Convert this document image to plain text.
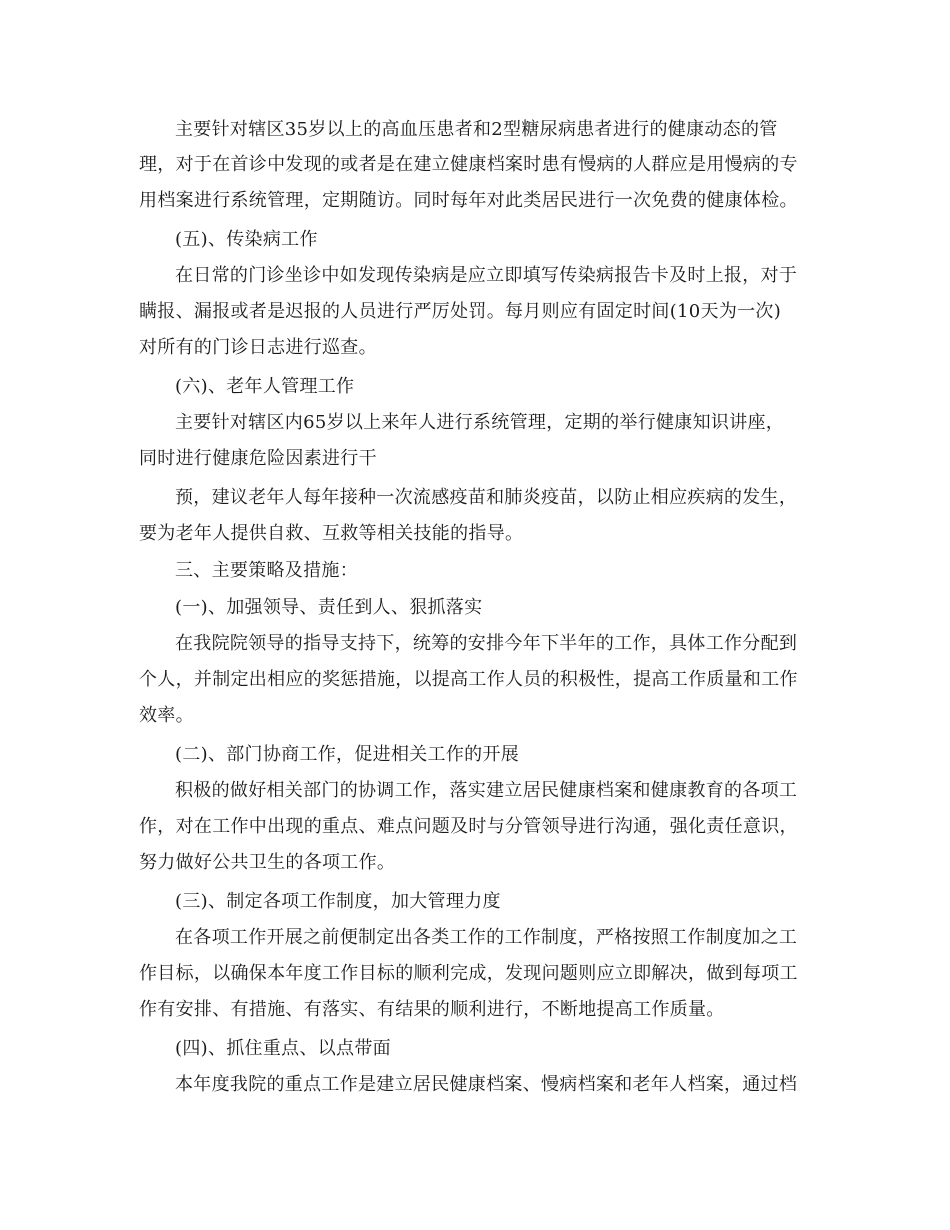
主要针对辖区35岁以上的高血压患者和2型糖尿病患者进行的健康动态的管
理，对于在首诊中发现的或者是在建立健康档案时患有慢病的人群应是用慢病的专
用档案进行系统管理，定期随访。同时每年对此类居民进行一次免费的健康体检。
(五)、传染病工作
在日常的门诊坐诊中如发现传染病是应立即填写传染病报告卡及时上报，对于
瞒报、漏报或者是迟报的人员进行严厉处罚。每月则应有固定时间(10天为一次)
对所有的门诊日志进行巡查。
(六)、老年人管理工作
主要针对辖区内65岁以上来年人进行系统管理，定期的举行健康知识讲座，
同时进行健康危险因素进行干
预，建议老年人每年接种一次流感疫苗和肺炎疫苗，以防止相应疾病的发生，
要为老年人提供自救、互救等相关技能的指导。
三、主要策略及措施：
(一)、加强领导、责任到人、狠抓落实
在我院院领导的指导支持下，统筹的安排今年下半年的工作，具体工作分配到
个人，并制定出相应的奖惩措施，以提高工作人员的积极性，提高工作质量和工作
效率。
(二)、部门协商工作，促进相关工作的开展
积极的做好相关部门的协调工作，落实建立居民健康档案和健康教育的各项工
作，对在工作中出现的重点、难点问题及时与分管领导进行沟通，强化责任意识，
努力做好公共卫生的各项工作。
(三)、制定各项工作制度，加大管理力度
在各项工作开展之前便制定出各类工作的工作制度，严格按照工作制度加之工
作目标，以确保本年度工作目标的顺利完成，发现问题则应立即解决，做到每项工
作有安排、有措施、有落实、有结果的顺利进行，不断地提高工作质量。
(四)、抓住重点、以点带面
本年度我院的重点工作是建立居民健康档案、慢病档案和老年人档案，通过档
